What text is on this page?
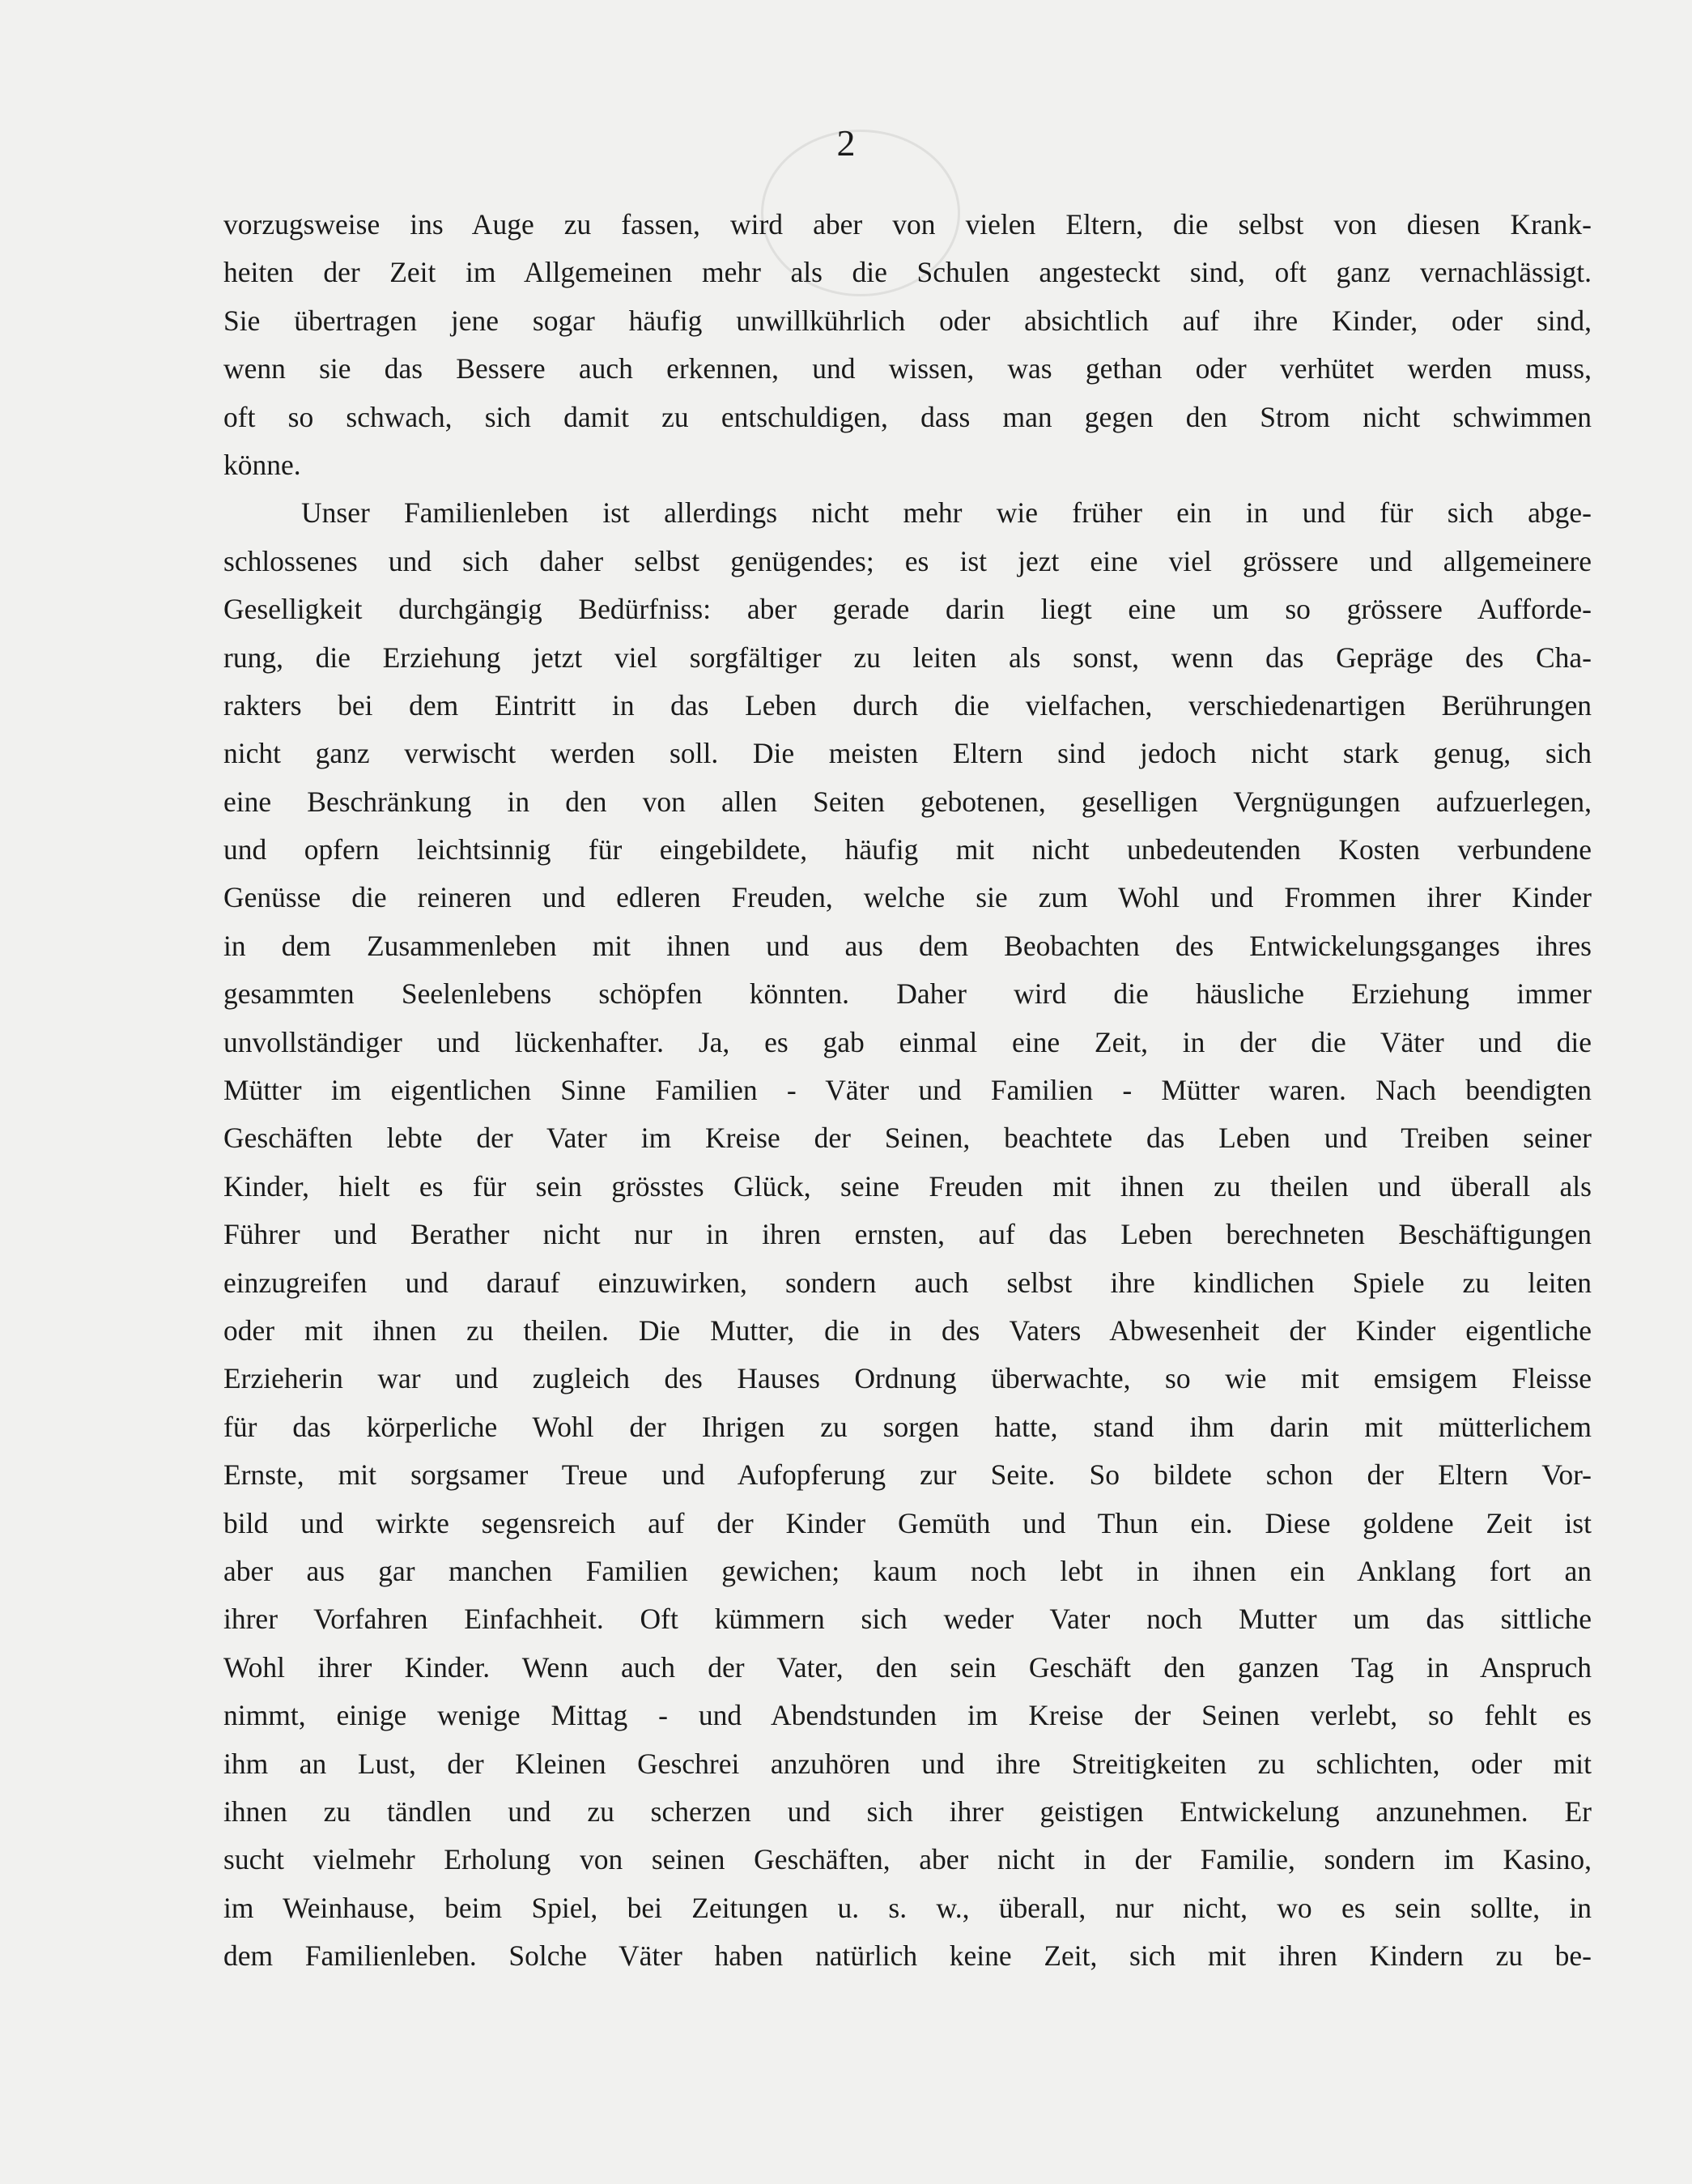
2
vorzugsweise ins Auge zu fassen, wird aber von vielen Eltern, die selbst von diesen Krank-
heiten der Zeit im Allgemeinen mehr als die Schulen angesteckt sind, oft ganz vernachlässigt.
Sie übertragen jene sogar häufig unwillkührlich oder absichtlich auf ihre Kinder, oder sind,
wenn sie das Bessere auch erkennen, und wissen, was gethan oder verhütet werden muss,
oft so schwach, sich damit zu entschuldigen, dass man gegen den Strom nicht schwimmen
könne.
Unser Familienleben ist allerdings nicht mehr wie früher ein in und für sich abge-
schlossenes und sich daher selbst genügendes; es ist jezt eine viel grössere und allgemeinere
Geselligkeit durchgängig Bedürfniss: aber gerade darin liegt eine um so grössere Aufforde-
rung, die Erziehung jetzt viel sorgfältiger zu leiten als sonst, wenn das Gepräge des Cha-
rakters bei dem Eintritt in das Leben durch die vielfachen, verschiedenartigen Berührungen
nicht ganz verwischt werden soll. Die meisten Eltern sind jedoch nicht stark genug, sich
eine Beschränkung in den von allen Seiten gebotenen, geselligen Vergnügungen aufzuerlegen,
und opfern leichtsinnig für eingebildete, häufig mit nicht unbedeutenden Kosten verbundene
Genüsse die reineren und edleren Freuden, welche sie zum Wohl und Frommen ihrer Kinder
in dem Zusammenleben mit ihnen und aus dem Beobachten des Entwickelungsganges ihres
gesammten Seelenlebens schöpfen könnten. Daher wird die häusliche Erziehung immer
unvollständiger und lückenhafter. Ja, es gab einmal eine Zeit, in der die Väter und die
Mütter im eigentlichen Sinne Familien - Väter und Familien - Mütter waren. Nach beendigten
Geschäften lebte der Vater im Kreise der Seinen, beachtete das Leben und Treiben seiner
Kinder, hielt es für sein grösstes Glück, seine Freuden mit ihnen zu theilen und überall als
Führer und Berather nicht nur in ihren ernsten, auf das Leben berechneten Beschäftigungen
einzugreifen und darauf einzuwirken, sondern auch selbst ihre kindlichen Spiele zu leiten
oder mit ihnen zu theilen. Die Mutter, die in des Vaters Abwesenheit der Kinder eigentliche
Erzieherin war und zugleich des Hauses Ordnung überwachte, so wie mit emsigem Fleisse
für das körperliche Wohl der Ihrigen zu sorgen hatte, stand ihm darin mit mütterlichem
Ernste, mit sorgsamer Treue und Aufopferung zur Seite. So bildete schon der Eltern Vor-
bild und wirkte segensreich auf der Kinder Gemüth und Thun ein. Diese goldene Zeit ist
aber aus gar manchen Familien gewichen; kaum noch lebt in ihnen ein Anklang fort an
ihrer Vorfahren Einfachheit. Oft kümmern sich weder Vater noch Mutter um das sittliche
Wohl ihrer Kinder. Wenn auch der Vater, den sein Geschäft den ganzen Tag in Anspruch
nimmt, einige wenige Mittag - und Abendstunden im Kreise der Seinen verlebt, so fehlt es
ihm an Lust, der Kleinen Geschrei anzuhören und ihre Streitigkeiten zu schlichten, oder mit
ihnen zu tändlen und zu scherzen und sich ihrer geistigen Entwickelung anzunehmen. Er
sucht vielmehr Erholung von seinen Geschäften, aber nicht in der Familie, sondern im Kasino,
im Weinhause, beim Spiel, bei Zeitungen u. s. w., überall, nur nicht, wo es sein sollte, in
dem Familienleben. Solche Väter haben natürlich keine Zeit, sich mit ihren Kindern zu be-
